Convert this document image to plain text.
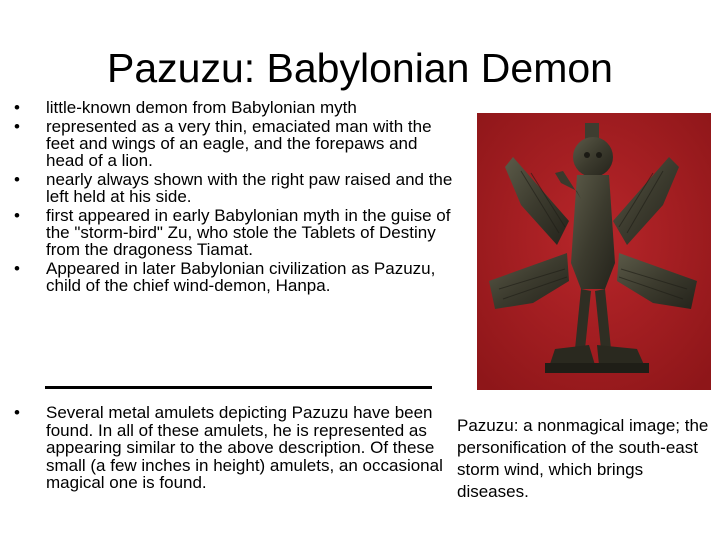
Pazuzu: Babylonian Demon
• little-known demon from Babylonian myth
• represented as a very thin, emaciated man with the feet and wings of an eagle, and the forepaws and head of a lion.
• nearly always shown with the right paw raised and the left held at his side.
• first appeared in early Babylonian myth in the guise of the "storm-bird" Zu, who stole the Tablets of Destiny from the dragoness Tiamat.
• Appeared in later Babylonian civilization as Pazuzu, child of the chief wind-demon, Hanpa.
• Several metal amulets depicting Pazuzu have been found. In all of these amulets, he is represented as appearing similar to the above description. Of these small (a few inches in height) amulets, an occasional magical one is found.
Pazuzu: a nonmagical image; the personification of the south-east storm wind, which brings diseases.
